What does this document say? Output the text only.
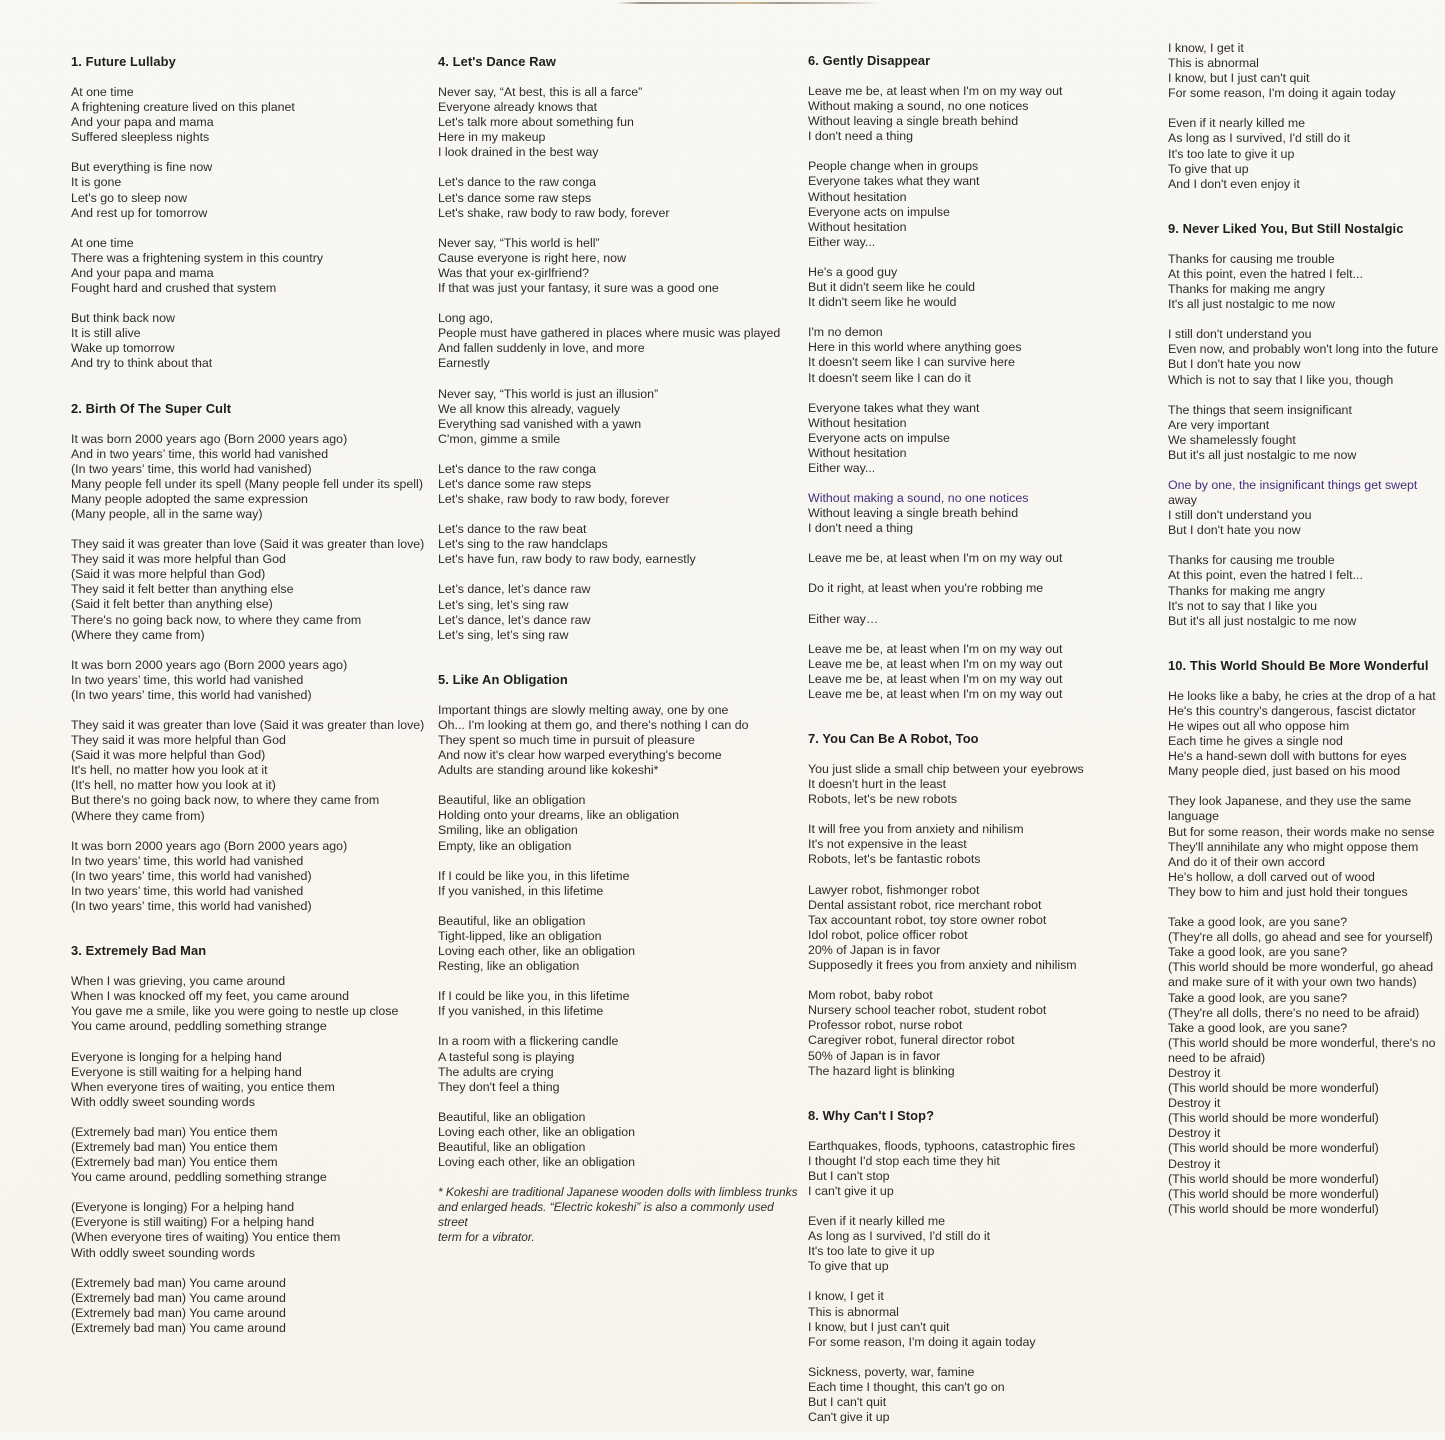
1. Future Lullaby
At one time
A frightening creature lived on this planet
And your papa and mama
Suffered sleepless nights
But everything is fine now
It is gone
Let's go to sleep now
And rest up for tomorrow
At one time
There was a frightening system in this country
And your papa and mama
Fought hard and crushed that system
But think back now
It is still alive
Wake up tomorrow
And try to think about that
2. Birth Of The Super Cult
It was born 2000 years ago (Born 2000 years ago)
And in two years’ time, this world had vanished
(In two years’ time, this world had vanished)
Many people fell under its spell (Many people fell under its spell)
Many people adopted the same expression
(Many people, all in the same way)
They said it was greater than love (Said it was greater than love)
They said it was more helpful than God
(Said it was more helpful than God)
They said it felt better than anything else
(Said it felt better than anything else)
There's no going back now, to where they came from
(Where they came from)
It was born 2000 years ago (Born 2000 years ago)
In two years’ time, this world had vanished
(In two years’ time, this world had vanished)
They said it was greater than love (Said it was greater than love)
They said it was more helpful than God
(Said it was more helpful than God)
It's hell, no matter how you look at it
(It's hell, no matter how you look at it)
But there's no going back now, to where they came from
(Where they came from)
It was born 2000 years ago (Born 2000 years ago)
In two years’ time, this world had vanished
(In two years’ time, this world had vanished)
In two years’ time, this world had vanished
(In two years’ time, this world had vanished)
3. Extremely Bad Man
When I was grieving, you came around
When I was knocked off my feet, you came around
You gave me a smile, like you were going to nestle up close
You came around, peddling something strange
Everyone is longing for a helping hand
Everyone is still waiting for a helping hand
When everyone tires of waiting, you entice them
With oddly sweet sounding words
(Extremely bad man) You entice them
(Extremely bad man) You entice them
(Extremely bad man) You entice them
You came around, peddling something strange
(Everyone is longing) For a helping hand
(Everyone is still waiting) For a helping hand
(When everyone tires of waiting) You entice them
With oddly sweet sounding words
(Extremely bad man) You came around
(Extremely bad man) You came around
(Extremely bad man) You came around
(Extremely bad man) You came around
4. Let's Dance Raw
Never say, “At best, this is all a farce”
Everyone already knows that
Let's talk more about something fun
Here in my makeup
I look drained in the best way
Let's dance to the raw conga
Let's dance some raw steps
Let's shake, raw body to raw body, forever
Never say, “This world is hell”
Cause everyone is right here, now
Was that your ex-girlfriend?
If that was just your fantasy, it sure was a good one
Long ago,
People must have gathered in places where music was played
And fallen suddenly in love, and more
Earnestly
Never say, “This world is just an illusion”
We all know this already, vaguely
Everything sad vanished with a yawn
C'mon, gimme a smile
Let's dance to the raw conga
Let's dance some raw steps
Let's shake, raw body to raw body, forever
Let's dance to the raw beat
Let's sing to the raw handclaps
Let's have fun, raw body to raw body, earnestly
Let’s dance, let’s dance raw
Let’s sing, let’s sing raw
Let’s dance, let’s dance raw
Let’s sing, let’s sing raw
5. Like An Obligation
Important things are slowly melting away, one by one
Oh... I'm looking at them go, and there's nothing I can do
They spent so much time in pursuit of pleasure
And now it's clear how warped everything's become
Adults are standing around like kokeshi*
Beautiful, like an obligation
Holding onto your dreams, like an obligation
Smiling, like an obligation
Empty, like an obligation
If I could be like you, in this lifetime
If you vanished, in this lifetime
Beautiful, like an obligation
Tight-lipped, like an obligation
Loving each other, like an obligation
Resting, like an obligation
If I could be like you, in this lifetime
If you vanished, in this lifetime
In a room with a flickering candle
A tasteful song is playing
The adults are crying
They don't feel a thing
Beautiful, like an obligation
Loving each other, like an obligation
Beautiful, like an obligation
Loving each other, like an obligation
* Kokeshi are traditional Japanese wooden dolls with limbless trunks
and enlarged heads. “Electric kokeshi” is also a commonly used street
term for a vibrator.
6. Gently Disappear
Leave me be, at least when I'm on my way out
Without making a sound, no one notices
Without leaving a single breath behind
I don't need a thing
People change when in groups
Everyone takes what they want
Without hesitation
Everyone acts on impulse
Without hesitation
Either way...
He's a good guy
But it didn't seem like he could
It didn't seem like he would
I'm no demon
Here in this world where anything goes
It doesn't seem like I can survive here
It doesn't seem like I can do it
Everyone takes what they want
Without hesitation
Everyone acts on impulse
Without hesitation
Either way...
Without making a sound, no one notices
Without leaving a single breath behind
I don't need a thing
Leave me be, at least when I'm on my way out
Do it right, at least when you're robbing me
Either way…
Leave me be, at least when I'm on my way out
Leave me be, at least when I'm on my way out
Leave me be, at least when I'm on my way out
Leave me be, at least when I'm on my way out
7. You Can Be A Robot, Too
You just slide a small chip between your eyebrows
It doesn't hurt in the least
Robots, let's be new robots
It will free you from anxiety and nihilism
It's not expensive in the least
Robots, let's be fantastic robots
Lawyer robot, fishmonger robot
Dental assistant robot, rice merchant robot
Tax accountant robot, toy store owner robot
Idol robot, police officer robot
20% of Japan is in favor
Supposedly it frees you from anxiety and nihilism
Mom robot, baby robot
Nursery school teacher robot, student robot
Professor robot, nurse robot
Caregiver robot, funeral director robot
50% of Japan is in favor
The hazard light is blinking
8. Why Can't I Stop?
Earthquakes, floods, typhoons, catastrophic fires
I thought I'd stop each time they hit
But I can't stop
I can't give it up
Even if it nearly killed me
As long as I survived, I'd still do it
It's too late to give it up
To give that up
I know, I get it
This is abnormal
I know, but I just can't quit
For some reason, I'm doing it again today
Sickness, poverty, war, famine
Each time I thought, this can't go on
But I can't quit
Can't give it up
I know, I get it
This is abnormal
I know, but I just can't quit
For some reason, I'm doing it again today
Even if it nearly killed me
As long as I survived, I'd still do it
It's too late to give it up
To give that up
And I don't even enjoy it
9. Never Liked You, But Still Nostalgic
Thanks for causing me trouble
At this point, even the hatred I felt...
Thanks for making me angry
It's all just nostalgic to me now
I still don't understand you
Even now, and probably won't long into the future
But I don't hate you now
Which is not to say that I like you, though
The things that seem insignificant
Are very important
We shamelessly fought
But it's all just nostalgic to me now
One by one, the insignificant things get swept
away
I still don't understand you
But I don't hate you now
Thanks for causing me trouble
At this point, even the hatred I felt...
Thanks for making me angry
It's not to say that I like you
But it's all just nostalgic to me now
10. This World Should Be More Wonderful
He looks like a baby, he cries at the drop of a hat
He's this country's dangerous, fascist dictator
He wipes out all who oppose him
Each time he gives a single nod
He's a hand-sewn doll with buttons for eyes
Many people died, just based on his mood
They look Japanese, and they use the same
language
But for some reason, their words make no sense
They'll annihilate any who might oppose them
And do it of their own accord
He's hollow, a doll carved out of wood
They bow to him and just hold their tongues
Take a good look, are you sane?
(They're all dolls, go ahead and see for yourself)
Take a good look, are you sane?
(This world should be more wonderful, go ahead
and make sure of it with your own two hands)
Take a good look, are you sane?
(They're all dolls, there's no need to be afraid)
Take a good look, are you sane?
(This world should be more wonderful, there's no
need to be afraid)
Destroy it
(This world should be more wonderful)
Destroy it
(This world should be more wonderful)
Destroy it
(This world should be more wonderful)
Destroy it
(This world should be more wonderful)
(This world should be more wonderful)
(This world should be more wonderful)
